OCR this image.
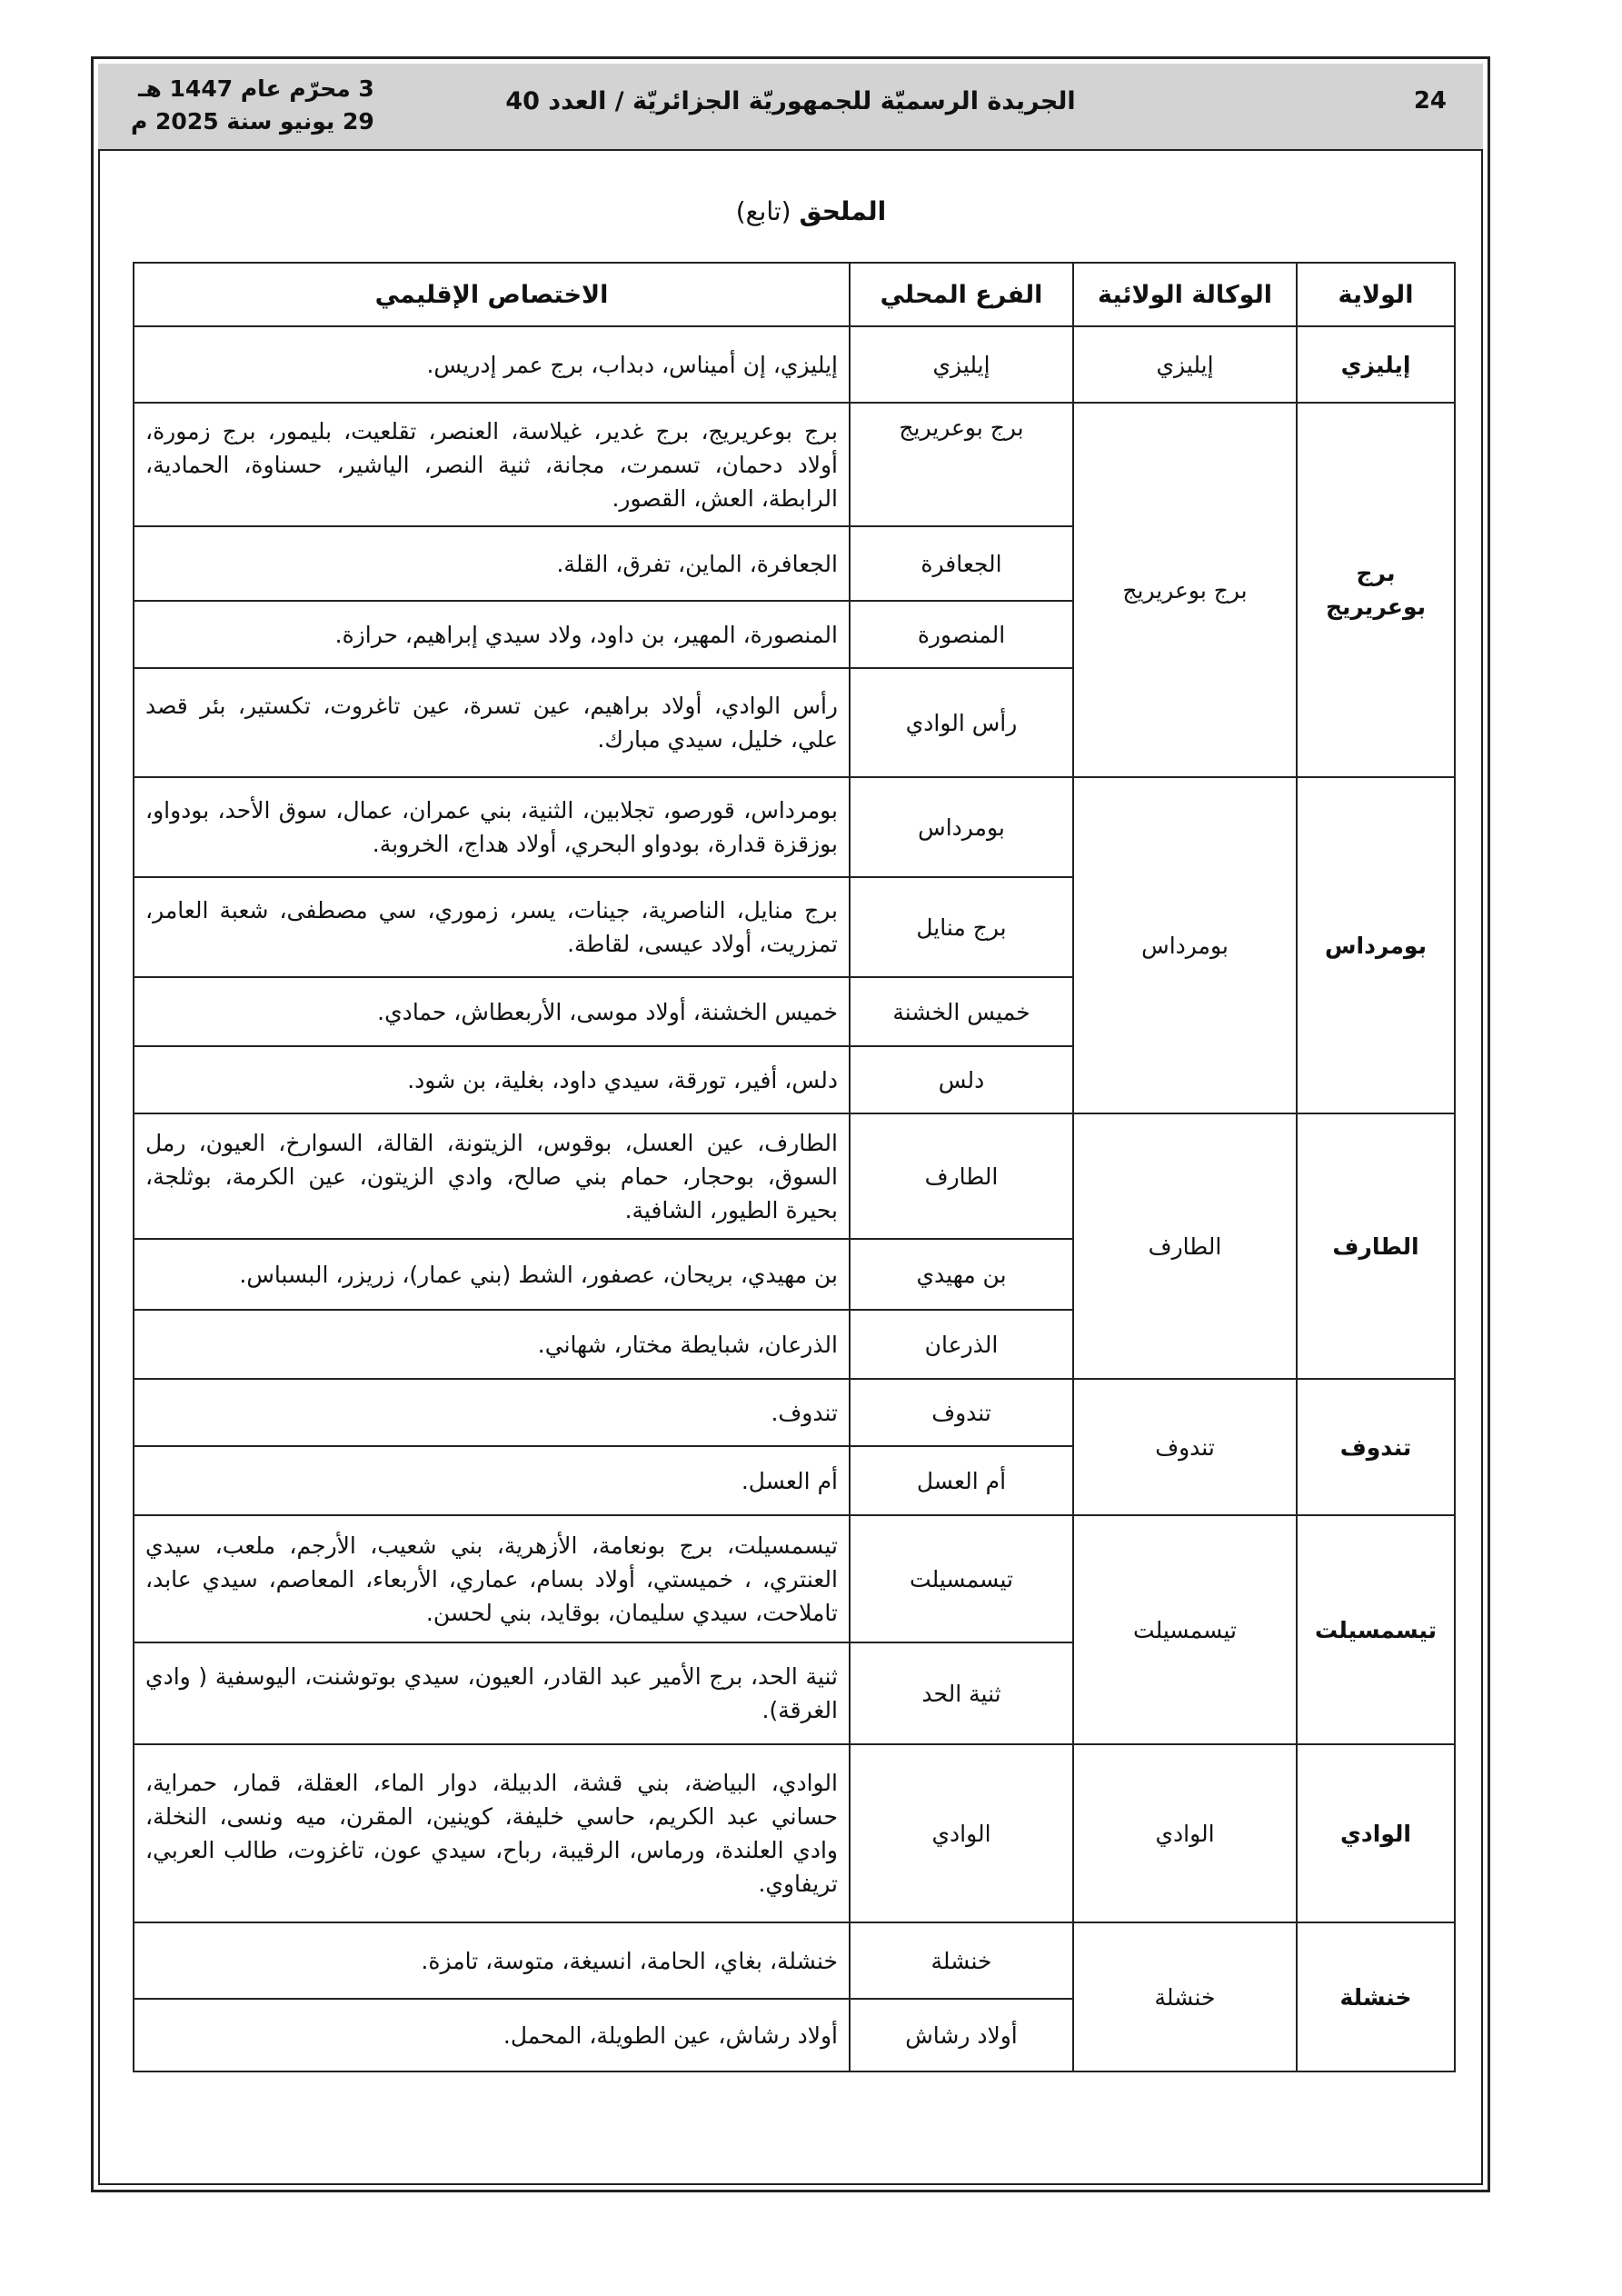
24
الجريدة الرسميّة للجمهوريّة الجزائريّة / العدد 40
3 محرّم عام 1447 هـ
29 يونيو سنة 2025 م
الملحق (تابع)
الولاية	الوكالة الولائية	الفرع المحلي	الاختصاص الإقليمي
إيليزي	إيليزي	إيليزي	إيليزي، إن أميناس، دبداب، برج عمر إدريس.
برج بوعريريج	برج بوعريريج	برج بوعريريج	برج بوعريريج، برج غدير، غيلاسة، العنصر، تقلعيت، بليمور، برج زمورة، أولاد دحمان، تسمرت، مجانة، ثنية النصر، الياشير، حسناوة، الحمادية، الرابطة، العش، القصور.
		الجعافرة	الجعافرة، الماين، تفرق، القلة.
		المنصورة	المنصورة، المهير، بن داود، ولاد سيدي إبراهيم، حرازة.
		رأس الوادي	رأس الوادي، أولاد براهيم، عين تسرة، عين تاغروت، تكستير، بئر قصد علي، خليل، سيدي مبارك.
بومرداس	بومرداس	بومرداس	بومرداس، قورصو، تجلابين، الثنية، بني عمران، عمال، سوق الأحد، بودواو، بوزقزة قدارة، بودواو البحري، أولاد هداج، الخروبة.
		برج منايل	برج منايل، الناصرية، جينات، يسر، زموري، سي مصطفى، شعبة العامر، تمزريت، أولاد عيسى، لقاطة.
		خميس الخشنة	خميس الخشنة، أولاد موسى، الأربعطاش، حمادي.
		دلس	دلس، أفير، تورقة، سيدي داود، بغلية، بن شود.
الطارف	الطارف	الطارف	الطارف، عين العسل، بوقوس، الزيتونة، القالة، السوارخ، العيون، رمل السوق، بوحجار، حمام بني صالح، وادي الزيتون، عين الكرمة، بوثلجة، بحيرة الطيور، الشافية.
		بن مهيدي	بن مهيدي، بريحان، عصفور، الشط (بني عمار)، زريزر، البسباس.
		الذرعان	الذرعان، شبايطة مختار، شهاني.
تندوف	تندوف	تندوف	تندوف.
		أم العسل	أم العسل.
تيسمسيلت	تيسمسيلت	تيسمسيلت	تيسمسيلت، برج بونعامة، الأزهرية، بني شعيب، الأرجم، ملعب، سيدي العنتري، ، خميستي، أولاد بسام، عماري، الأربعاء، المعاصم، سيدي عابد، تاملاحت، سيدي سليمان، بوقايد، بني لحسن.
		ثنية الحد	ثنية الحد، برج الأمير عبد القادر، العيون، سيدي بوتوشنت، اليوسفية ( وادي الغرقة).
الوادي	الوادي	الوادي	الوادي، البياضة، بني قشة، الدبيلة، دوار الماء، العقلة، قمار، حمراية، حساني عبد الكريم، حاسي خليفة، كوينين، المقرن، ميه ونسى، النخلة، وادي العلندة، ورماس، الرقيبة، رباح، سيدي عون، تاغزوت، طالب العربي، تريفاوي.
خنشلة	خنشلة	خنشلة	خنشلة، بغاي، الحامة، انسيغة، متوسة، تامزة.
		أولاد رشاش	أولاد رشاش، عين الطويلة، المحمل.
